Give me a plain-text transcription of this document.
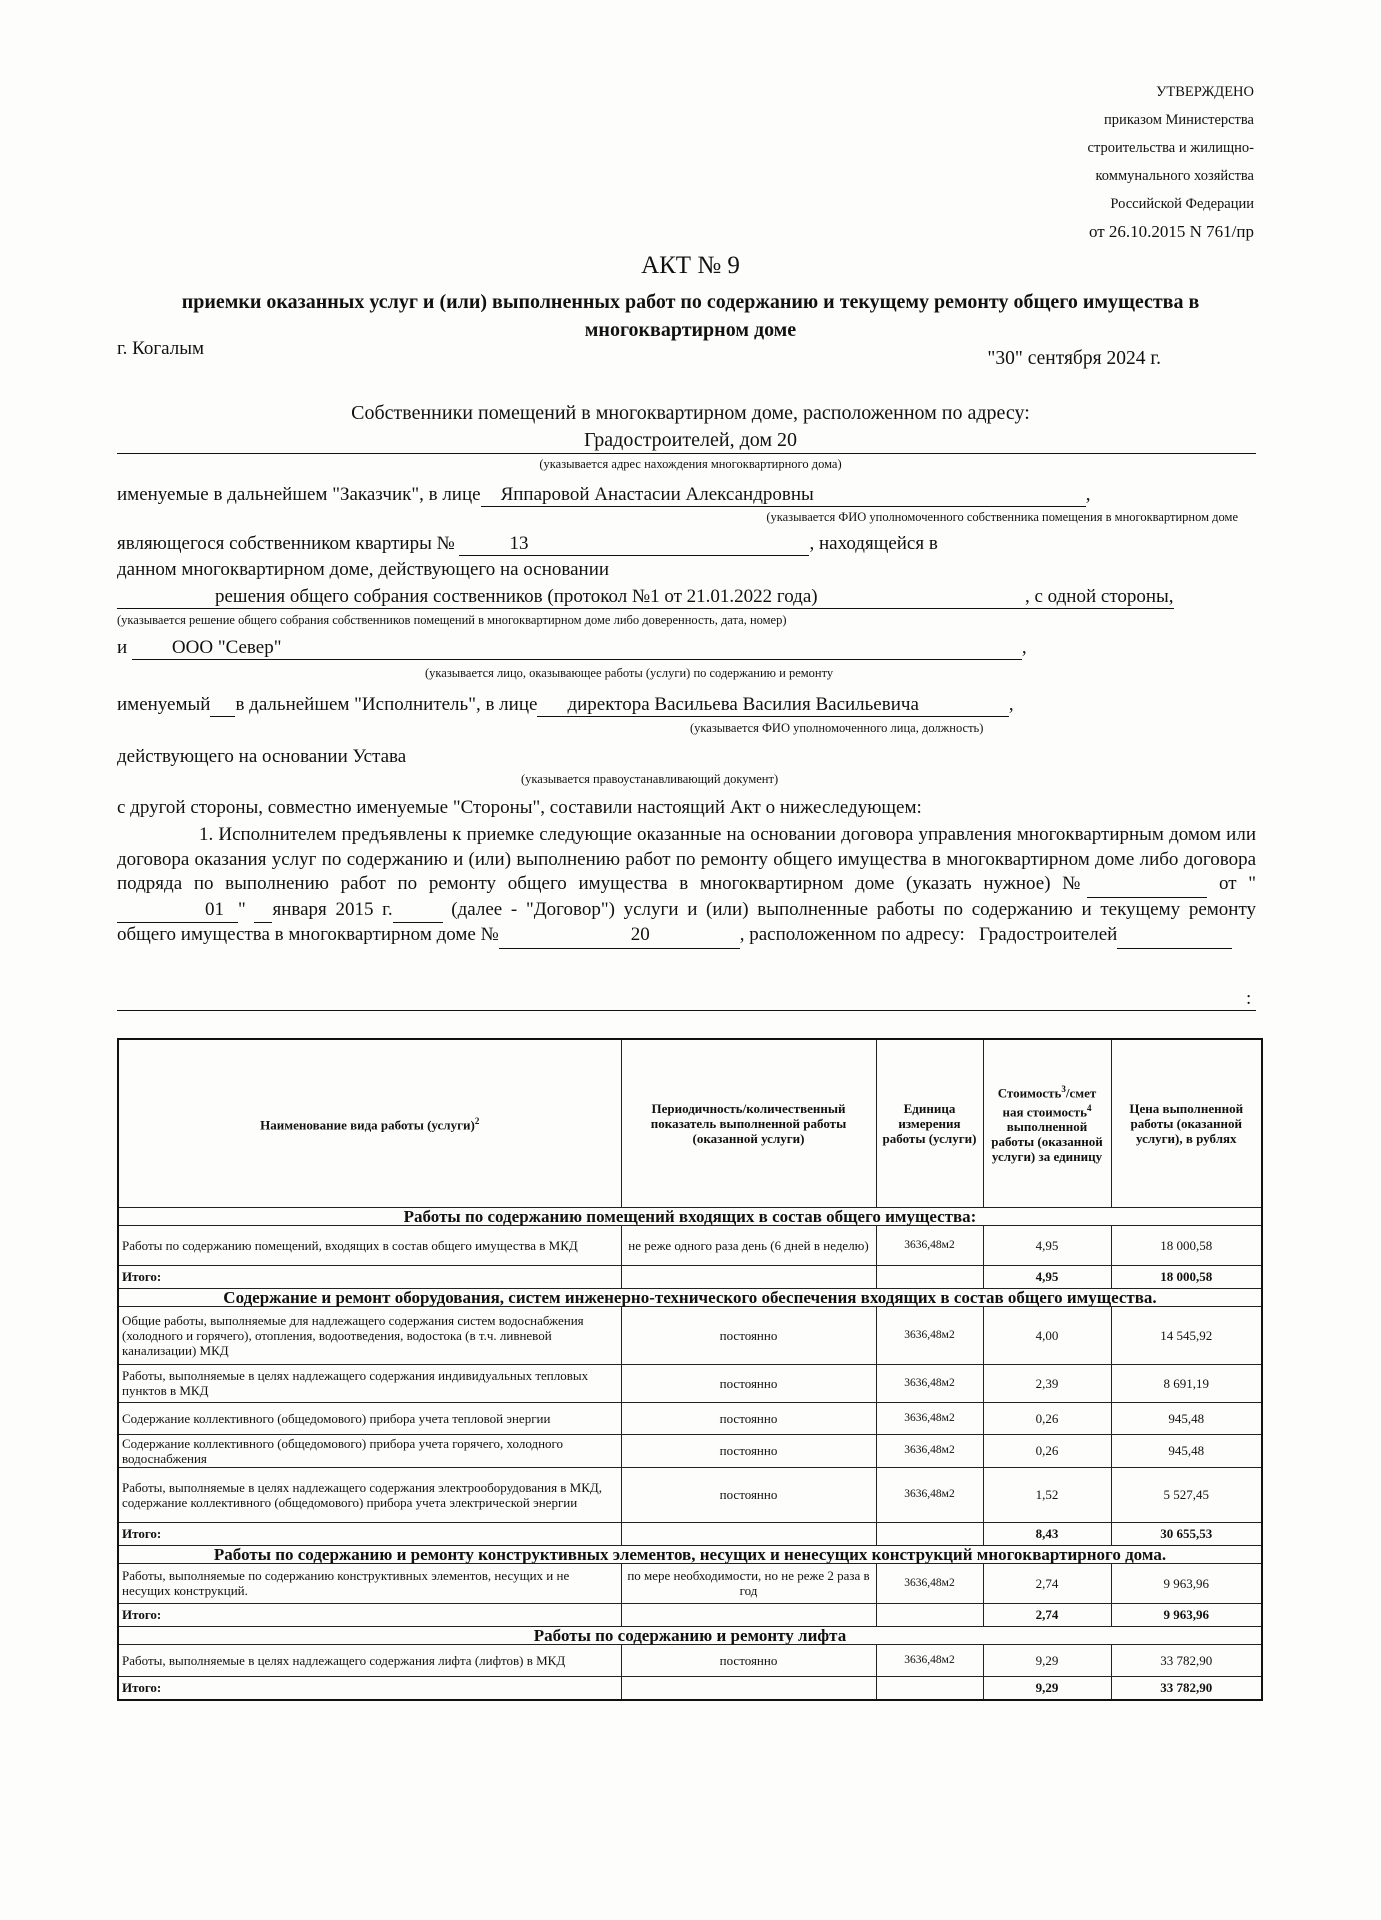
УТВЕРЖДЕНО
приказом Министерства
строительства и жилищно-
коммунального хозяйства
Российской Федерации
от 26.10.2015 N 761/пр
АКТ № 9
приемки оказанных услуг и (или) выполненных работ по содержанию и текущему ремонту общего имущества в многоквартирном доме
г. Когалым	"30" сентября 2024 г.
Собственники помещений в многоквартирном доме, расположенном по адресу:
Градостроителей, дом 20
(указывается адрес нахождения многоквартирного дома)
именуемые в дальнейшем "Заказчик", в лице Яппаровой Анастасии Александровны	,
(указывается ФИО уполномоченного собственника помещения в многоквартирном доме
являющегося собственником квартиры №	13	, находящейся в
данном многоквартирном доме, действующего на основании
решения общего собрания соственников (протокол №1 от 21.01.2022 года)	, с одной стороны,
(указывается решение общего собрания собственников помещений в многоквартирном доме либо доверенность, дата, номер)
и ООО "Север"	,
(указывается лицо, оказывающее работы (услуги) по содержанию и ремонту
именуемый в дальнейшем "Исполнитель", в лице директора Васильева Василия Васильевича	,
(указывается ФИО уполномоченного лица, должность)
действующего на основании Устава
(указывается правоустанавливающий документ)
с другой стороны, совместно именуемые "Стороны", составили настоящий Акт о нижеследующем:
1. Исполнителем предъявлены к приемке следующие оказанные на основании договора управления многоквартирным домом или договора оказания услуг по содержанию и (или) выполнению работ по ремонту общего имущества в многоквартирном доме либо договора подряда по выполнению работ по ремонту общего имущества в многоквартирном доме (указать нужное) №	от "01 "  января 2015 г.	(далее - "Договор") услуги и (или) выполненные работы по содержанию и текущему ремонту общего имущества в многоквартирном доме №	20	, расположенном по адресу: Градостроителей
:
Наименование вида работы (услуги)$^2$	Периодичность/количественный показатель выполненной работы (оказанной услуги)	Единица измерения работы (услуги)	Стоимость$^3$/смет ная стоимость$^4$ выполненной работы (оказанной услуги) за единицу	Цена выполненной работы (оказанной услуги), в рублях
Работы по содержанию помещений входящих в состав общего имущества:				
Работы по содержанию помещений, входящих в состав общего имущества в МКД	не реже одного раза день (6 дней в неделю)	3636,48м2	4,95	18 000,58
Итого:			4,95	18 000,58
Содержание и ремонт оборудования, систем инженерно-технического обеспечения входящих в состав общего имущества.				
Общие работы, выполняемые для надлежащего содержания систем водоснабжения (холодного и горячего), отопления, водоотведения, водостока (в т.ч. ливневой канализации) МКД	постоянно	3636,48м2	4,00	14 545,92
Работы, выполняемые в целях надлежащего содержания индивидуальных тепловых пунктов в МКД	постоянно	3636,48м2	2,39	8 691,19
Содержание коллективного (общедомового) прибора учета тепловой энергии	постоянно	3636,48м2	0,26	945,48
Содержание коллективного (общедомового) прибора учета горячего, холодного водоснабжения	постоянно	3636,48м2	0,26	945,48
Работы, выполняемые в целях надлежащего содержания электрооборудования в МКД, содержание коллективного (общедомового) прибора учета электрической энергии	постоянно	3636,48м2	1,52	5 527,45
Итого:			8,43	30 655,53
Работы по содержанию и ремонту конструктивных элементов, несущих и ненесущих конструкций многоквартирного дома.				
Работы, выполняемые по содержанию конструктивных элементов, несущих и не несущих конструкций.	по мере необходимости, но не реже 2 раза в год	3636,48м2	2,74	9 963,96
Итого:			2,74	9 963,96
Работы по содержанию и ремонту лифта				
Работы, выполняемые в целях надлежащего содержания лифта (лифтов) в МКД	постоянно	3636,48м2	9,29	33 782,90
Итого:			9,29	33 782,90
